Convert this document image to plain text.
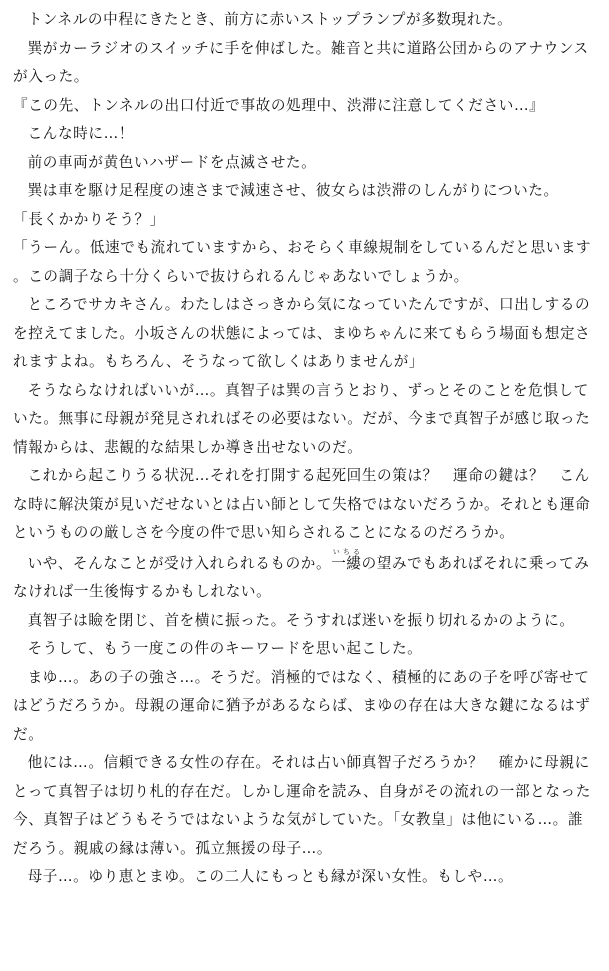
トンネルの中程にきたとき、前方に赤いストップランプが多数現れた。

巽がカーラジオのスイッチに手を伸ばした。雑音と共に道路公団からのアナウンスが入った。

『この先、トンネルの出口付近で事故の処理中、渋滞に注意してください…』

こんな時に…！

前の車両が黄色いハザードを点滅させた。

巽は車を駆け足程度の速さまで減速させ、彼女らは渋滞のしんがりについた。

「長くかかりそう？」

「うーん。低速でも流れていますから、おそらく車線規制をしているんだと思います。この調子なら十分くらいで抜けられるんじゃあないでしょうか。

ところでサカキさん。わたしはさっきから気になっていたんですが、口出しするのを控えてました。小坂さんの状態によっては、まゆちゃんに来てもらう場面も想定されますよね。もちろん、そうなって欲しくはありませんが」

そうならなければいいが…。真智子は巽の言うとおり、ずっとそのことを危惧していた。無事に母親が発見されればその必要はない。だが、今まで真智子が感じ取った情報からは、悲観的な結果しか導き出せないのだ。

これから起こりうる状況…それを打開する起死回生の策は？　運命の鍵は？　こんな時に解決策が見いだせないとは占い師として失格ではないだろうか。それとも運命というものの厳しさを今度の件で思い知らされることになるのだろうか。

いや、そんなことが受け入れられるものか。一縷いちるの望みでもあればそれに乗ってみなければ一生後悔するかもしれない。

真智子は瞼を閉じ、首を横に振った。そうすれば迷いを振り切れるかのように。

そうして、もう一度この件のキーワードを思い起こした。

まゆ…。あの子の強さ…。そうだ。消極的ではなく、積極的にあの子を呼び寄せてはどうだろうか。母親の運命に猶予があるならば、まゆの存在は大きな鍵になるはずだ。

他には…。信頼できる女性の存在。それは占い師真智子だろうか？　確かに母親にとって真智子は切り札的存在だ。しかし運命を読み、自身がその流れの一部となった今、真智子はどうもそうではないような気がしていた。「女教皇」は他にいる…。誰だろう。親戚の縁は薄い。孤立無援の母子…。

母子…。ゆり恵とまゆ。この二人にもっとも縁が深い女性。もしや…。
